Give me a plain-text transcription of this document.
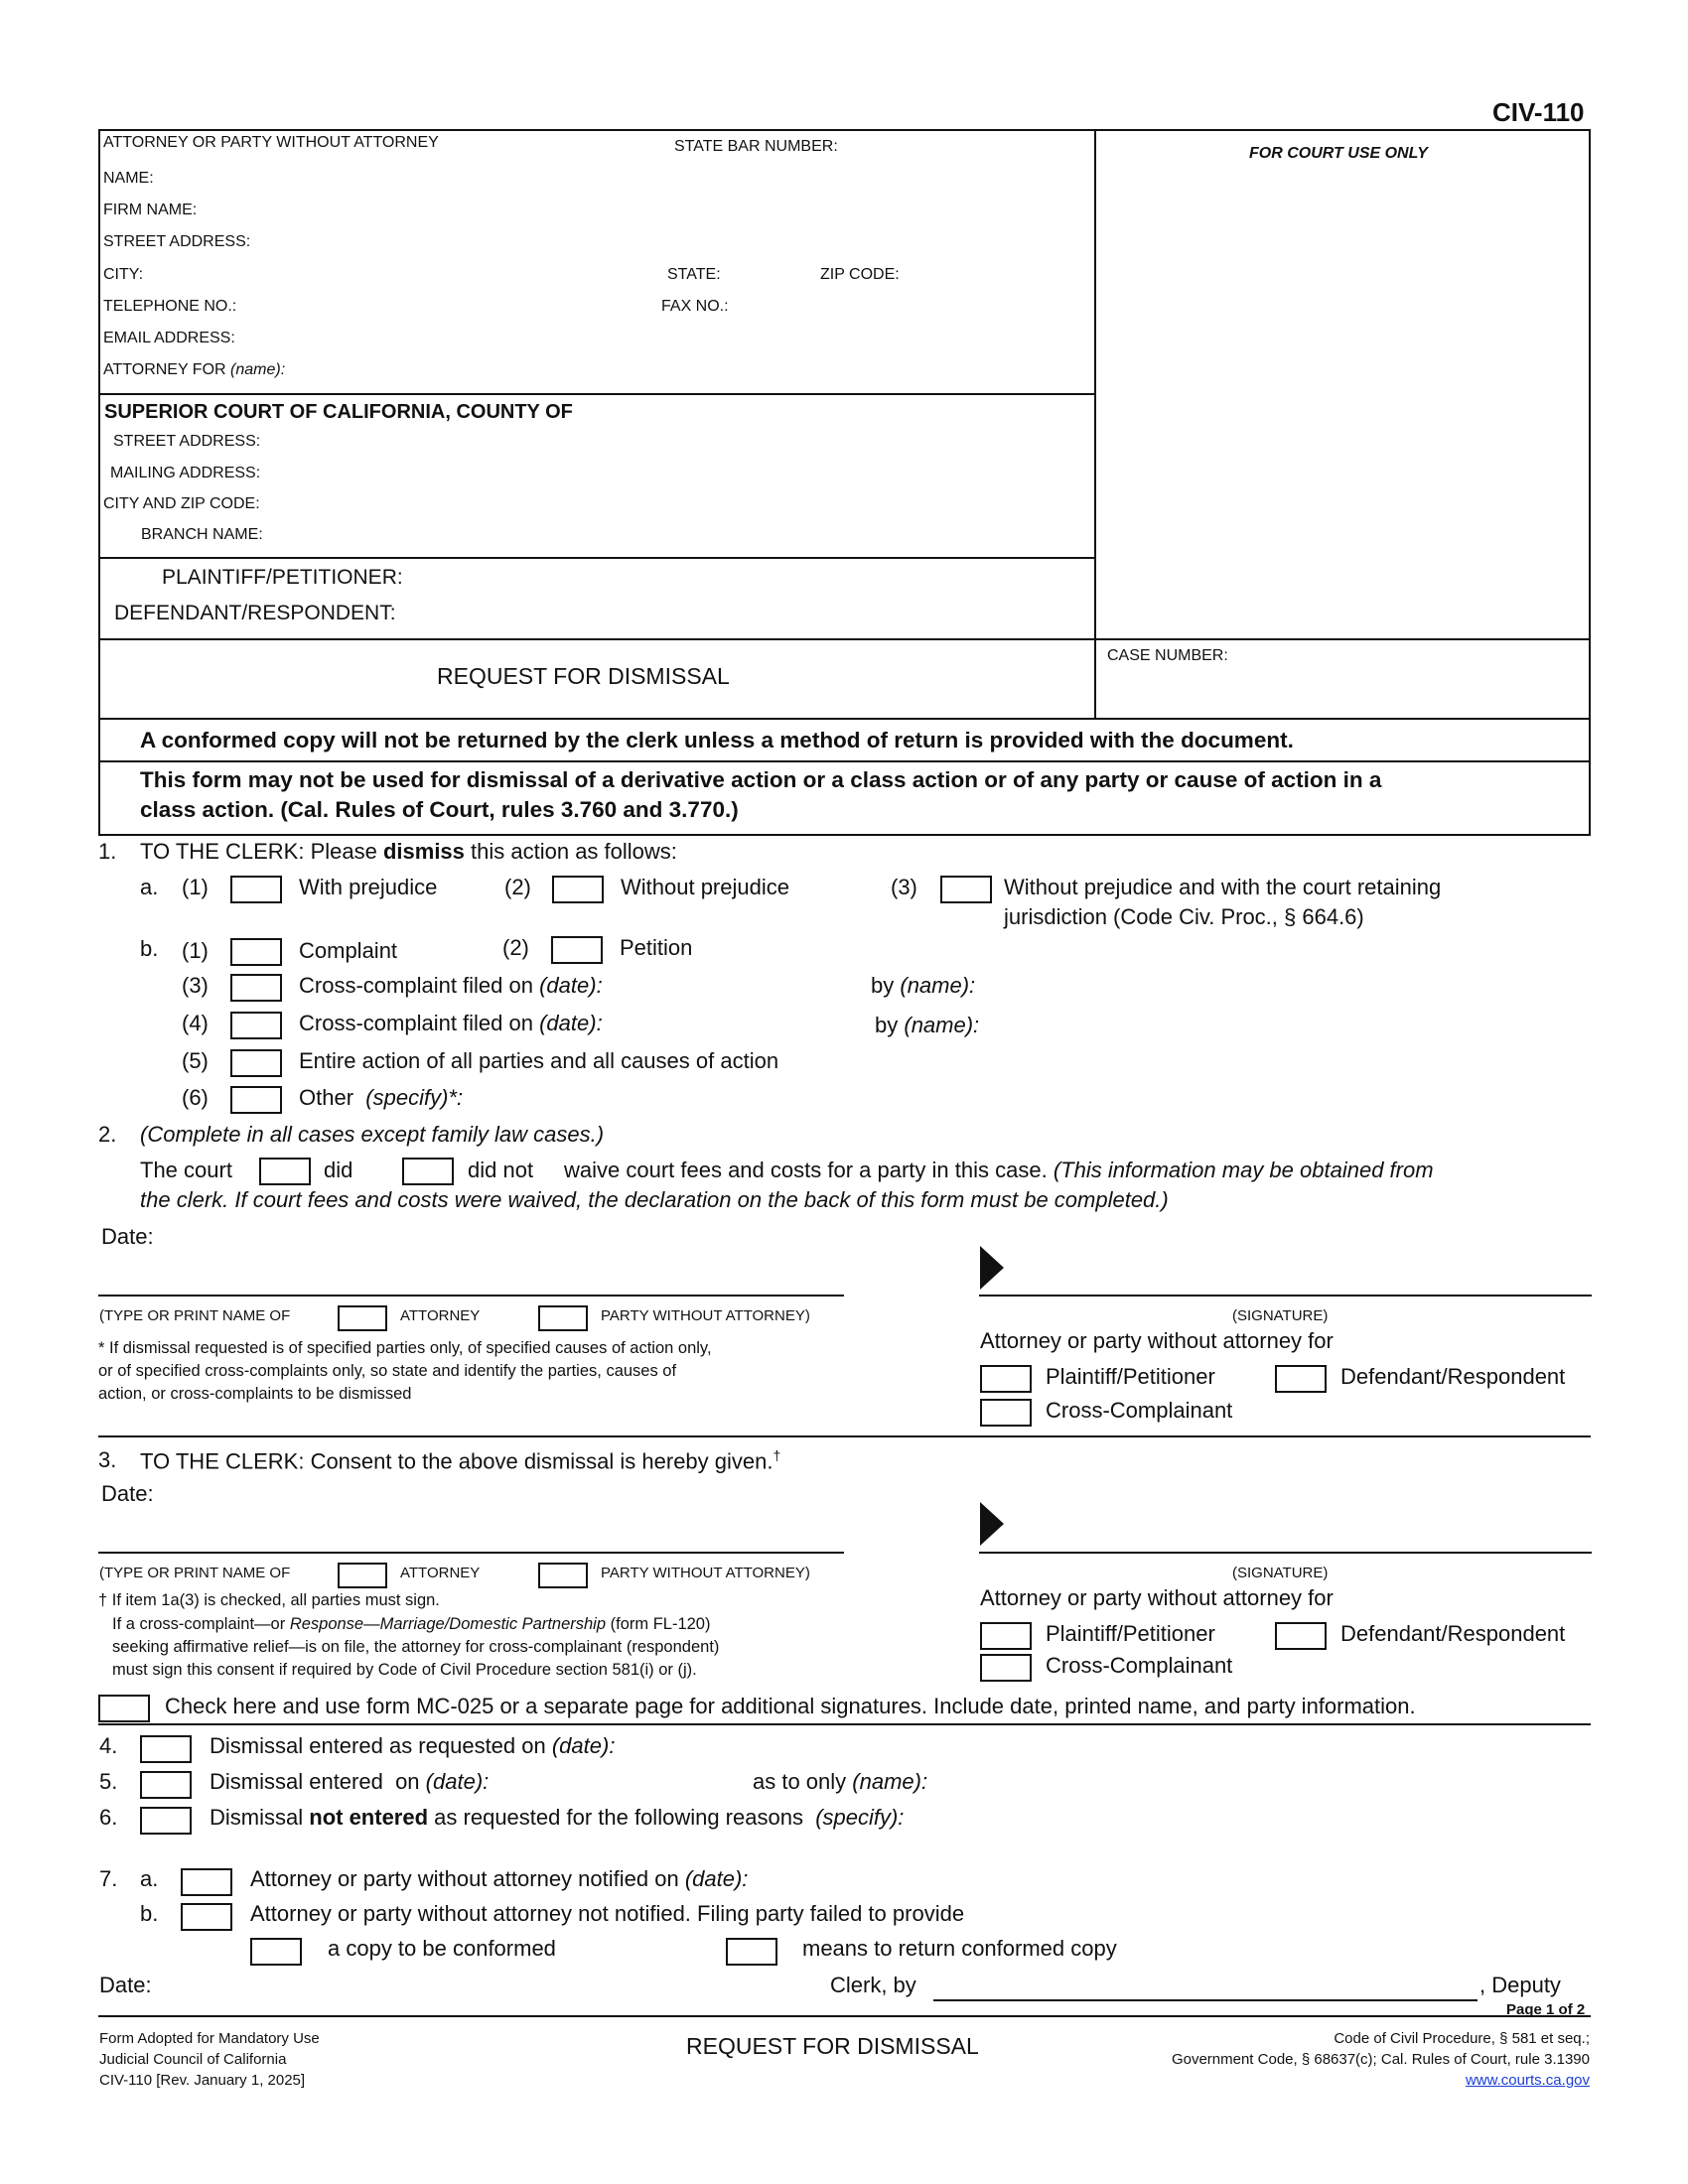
CIV-110
ATTORNEY OR PARTY WITHOUT ATTORNEY	STATE BAR NUMBER:	FOR COURT USE ONLY
NAME:
FIRM NAME:
STREET ADDRESS:
CITY:	STATE:	ZIP CODE:
TELEPHONE NO.:	FAX NO.:
EMAIL ADDRESS:
ATTORNEY FOR (name):
SUPERIOR COURT OF CALIFORNIA, COUNTY OF
STREET ADDRESS:
MAILING ADDRESS:
CITY AND ZIP CODE:
BRANCH NAME:
PLAINTIFF/PETITIONER:
DEFENDANT/RESPONDENT:
REQUEST FOR DISMISSAL
CASE NUMBER:
A conformed copy will not be returned by the clerk unless a method of return is provided with the document.
This form may not be used for dismissal of a derivative action or a class action or of any party or cause of action in a
class action. (Cal. Rules of Court, rules 3.760 and 3.770.)
1. TO THE CLERK: Please dismiss this action as follows:
a. (1)	With prejudice	(2)	Without prejudice	(3)	Without prejudice and with the court retaining
jurisdiction (Code Civ. Proc., § 664.6)
b. (1)	Complaint	(2)	Petition
(3)	Cross-complaint filed on (date):	by (name):
(4)	Cross-complaint filed on (date):	by (name):
(5)	Entire action of all parties and all causes of action
(6)	Other (specify)*:
2. (Complete in all cases except family law cases.)
The court	did	did not waive court fees and costs for a party in this case. (This information may be obtained from
the clerk. If court fees and costs were waived, the declaration on the back of this form must be completed.)
Date:
(TYPE OR PRINT NAME OF	ATTORNEY	PARTY WITHOUT ATTORNEY)	(SIGNATURE)
* If dismissal requested is of specified parties only, of specified causes of action only,
or of specified cross-complaints only, so state and identify the parties, causes of
action, or cross-complaints to be dismissed
Attorney or party without attorney for
Plaintiff/Petitioner	Defendant/Respondent
Cross-Complainant
3. TO THE CLERK: Consent to the above dismissal is hereby given.†
Date:
(TYPE OR PRINT NAME OF	ATTORNEY	PARTY WITHOUT ATTORNEY)	(SIGNATURE)
† If item 1a(3) is checked, all parties must sign.
If a cross-complaint—or Response—Marriage/Domestic Partnership (form FL-120)
seeking affirmative relief—is on file, the attorney for cross-complainant (respondent)
must sign this consent if required by Code of Civil Procedure section 581(i) or (j).
Attorney or party without attorney for
Plaintiff/Petitioner	Defendant/Respondent
Cross-Complainant
Check here and use form MC-025 or a separate page for additional signatures. Include date, printed name, and party information.
4.	Dismissal entered as requested on (date):
5.	Dismissal entered  on (date):	as to only (name):
6.	Dismissal not entered as requested for the following reasons (specify):
7. a.	Attorney or party without attorney notified on (date):
b.	Attorney or party without attorney not notified. Filing party failed to provide
a copy to be conformed	means to return conformed copy
Date:	Clerk, by	, Deputy
Page 1 of 2
Form Adopted for Mandatory Use
Judicial Council of California
CIV-110 [Rev. January 1, 2025]
REQUEST FOR DISMISSAL	Code of Civil Procedure, § 581 et seq.;
Government Code, § 68637(c); Cal. Rules of Court, rule 3.1390
www.courts.ca.gov
